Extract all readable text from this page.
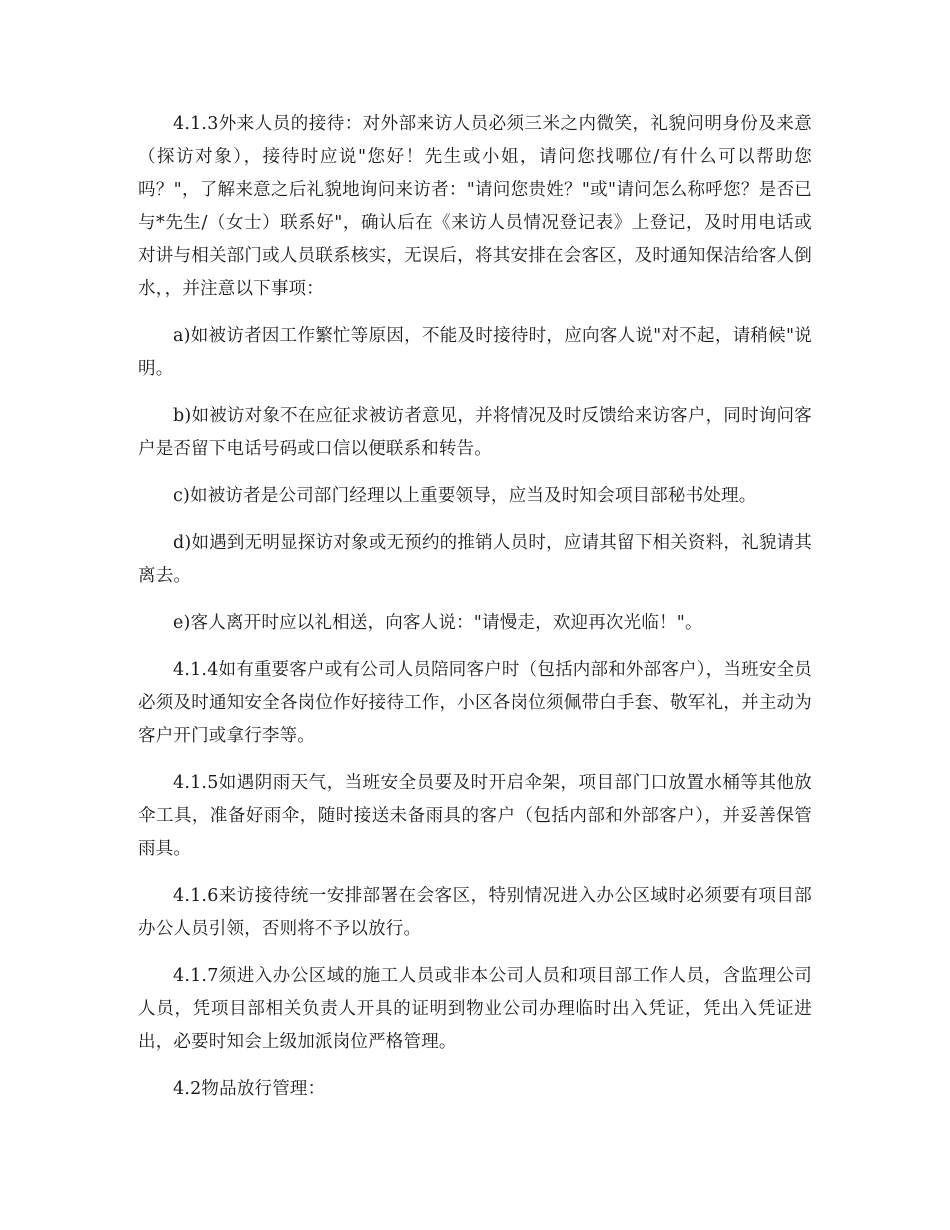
4.1.3外来人员的接待：对外部来访人员必须三米之内微笑，礼貌问明身份及来意（探访对象），接待时应说"您好！先生或小姐，请问您找哪位/有什么可以帮助您吗？"，了解来意之后礼貌地询问来访者："请问您贵姓？"或"请问怎么称呼您？是否已与*先生/（女士）联系好"，确认后在《来访人员情况登记表》上登记，及时用电话或对讲与相关部门或人员联系核实，无误后，将其安排在会客区，及时通知保洁给客人倒水，，并注意以下事项：

a)如被访者因工作繁忙等原因，不能及时接待时，应向客人说"对不起，请稍候"说明。

b)如被访对象不在应征求被访者意见，并将情况及时反馈给来访客户，同时询问客户是否留下电话号码或口信以便联系和转告。

c)如被访者是公司部门经理以上重要领导，应当及时知会项目部秘书处理。

d)如遇到无明显探访对象或无预约的推销人员时，应请其留下相关资料，礼貌请其离去。

e)客人离开时应以礼相送，向客人说："请慢走，欢迎再次光临！"。

4.1.4如有重要客户或有公司人员陪同客户时（包括内部和外部客户），当班安全员必须及时通知安全各岗位作好接待工作，小区各岗位须佩带白手套、敬军礼，并主动为客户开门或拿行李等。

4.1.5如遇阴雨天气，当班安全员要及时开启伞架，项目部门口放置水桶等其他放伞工具，准备好雨伞，随时接送未备雨具的客户（包括内部和外部客户），并妥善保管雨具。

4.1.6来访接待统一安排部署在会客区，特别情况进入办公区域时必须要有项目部办公人员引领，否则将不予以放行。

4.1.7须进入办公区域的施工人员或非本公司人员和项目部工作人员，含监理公司人员，凭项目部相关负责人开具的证明到物业公司办理临时出入凭证，凭出入凭证进出，必要时知会上级加派岗位严格管理。

4.2物品放行管理：
